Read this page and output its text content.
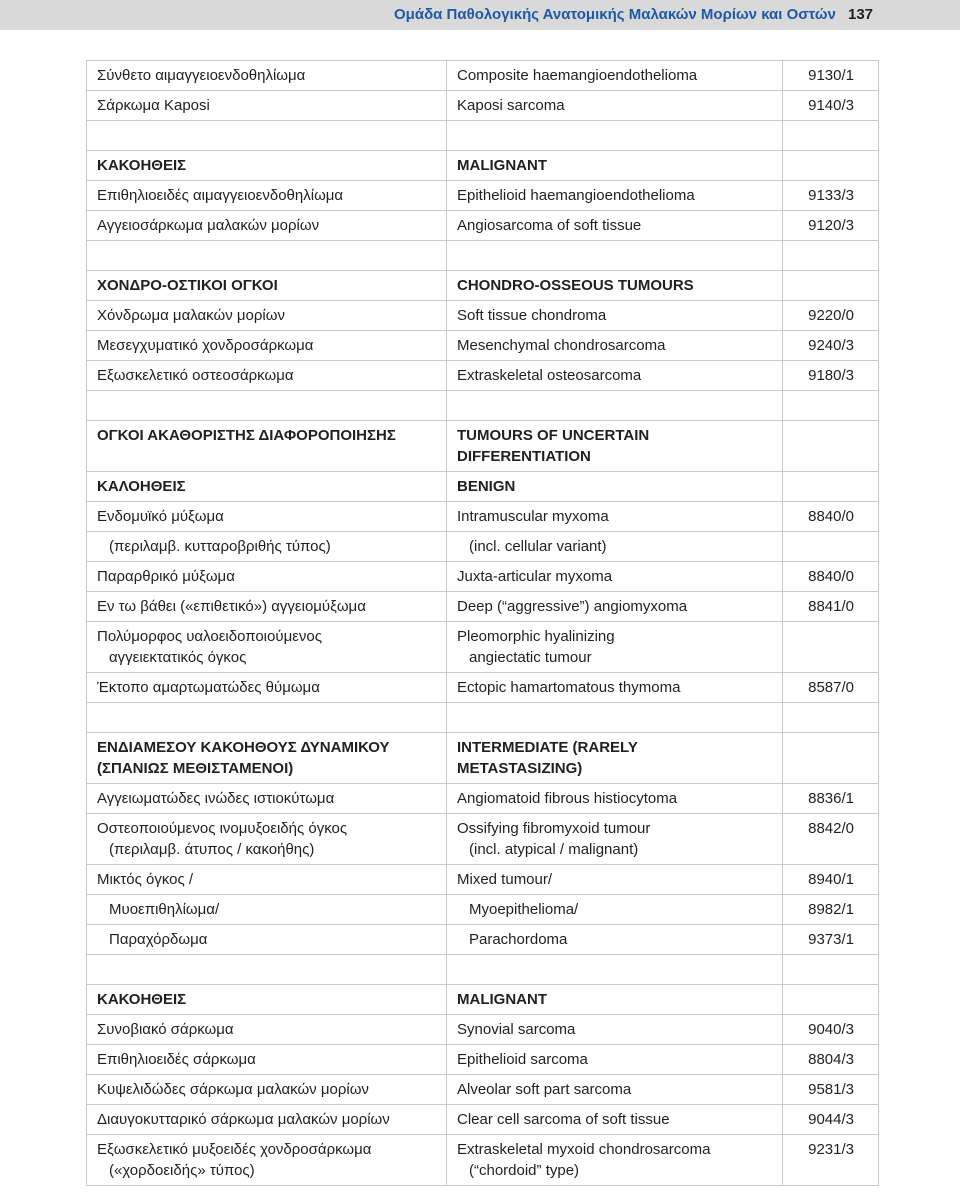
Ομάδα Παθολογικής Ανατομικής Μαλακών Μορίων και Οστών 137
Σύνθετο αιμαγγειοενδοθηλίωμα	Composite haemangioendothelioma	9130/1

Σάρκωμα Kaposi	Kaposi sarcoma	9140/3

ΚΑΚΟΗΘΕΙΣ	MALIGNANT	

Επιθηλιοειδές αιμαγγειοενδοθηλίωμα	Epithelioid haemangioendothelioma	9133/3

Αγγειοσάρκωμα μαλακών μορίων	Angiosarcoma of soft tissue	9120/3

ΧΟΝΔΡΟ-ΟΣΤΙΚΟΙ ΟΓΚΟΙ	CHONDRO-OSSEOUS TUMOURS	

Χόνδρωμα μαλακών μορίων	Soft tissue chondroma	9220/0

Μεσεγχυματικό χονδροσάρκωμα	Mesenchymal chondrosarcoma	9240/3

Εξωσκελετικό οστεοσάρκωμα	Extraskeletal osteosarcoma	9180/3

ΟΓΚΟΙ ΑΚΑΘΟΡΙΣΤΗΣ ΔΙΑΦΟΡΟΠΟΙΗΣΗΣ	TUMOURS OF UNCERTAIN
DIFFERENTIATION	

ΚΑΛΟΗΘΕΙΣ	BENIGN	

Ενδομυϊκό μύξωμα	Intramuscular myxoma	8840/0

(περιλαμβ. κυτταροβριθής τύπος)	(incl. cellular variant)	

Παραρθρικό μύξωμα	Juxta-articular myxoma	8840/0

Εν τω βάθει («επιθετικό») αγγειομύξωμα	Deep (“aggressive”) angiomyxoma	8841/0

Πολύμορφος υαλοειδοποιούμενος
αγγειεκτατικός όγκος	Pleomorphic hyalinizing
angiectatic tumour	

Έκτοπο αμαρτωματώδες θύμωμα	Ectopic hamartomatous thymoma	8587/0

ΕΝΔΙΑΜΕΣΟΥ ΚΑΚΟΗΘΟΥΣ ΔΥΝΑΜΙΚΟΥ
(ΣΠΑΝΙΩΣ ΜΕΘΙΣΤΑΜΕΝΟΙ)	INTERMEDIATE (RARELY
METASTASIZING)	

Αγγειωματώδες ινώδες ιστιοκύτωμα	Angiomatoid fibrous histiocytoma	8836/1

Οστεοποιούμενος ινομυξοειδής όγκος
(περιλαμβ. άτυπος / κακοήθης)	Ossifying fibromyxoid tumour
(incl. atypical / malignant)	8842/0

Μικτός όγκος /	Mixed tumour/	8940/1

Μυοεπιθηλίωμα/	Myoepithelioma/	8982/1

Παραχόρδωμα	Parachordoma	9373/1

ΚΑΚΟΗΘΕΙΣ	MALIGNANT	

Συνοβιακό σάρκωμα	Synovial sarcoma	9040/3

Επιθηλιοειδές σάρκωμα	Epithelioid sarcoma	8804/3

Κυψελιδώδες σάρκωμα μαλακών μορίων	Alveolar soft part sarcoma	9581/3

Διαυγοκυτταρικό σάρκωμα μαλακών μορίων	Clear cell sarcoma of soft tissue	9044/3

Εξωσκελετικό μυξοειδές χονδροσάρκωμα
(«χορδοειδής» τύπος)	Extraskeletal myxoid chondrosarcoma
(“chordoid” type)	9231/3
